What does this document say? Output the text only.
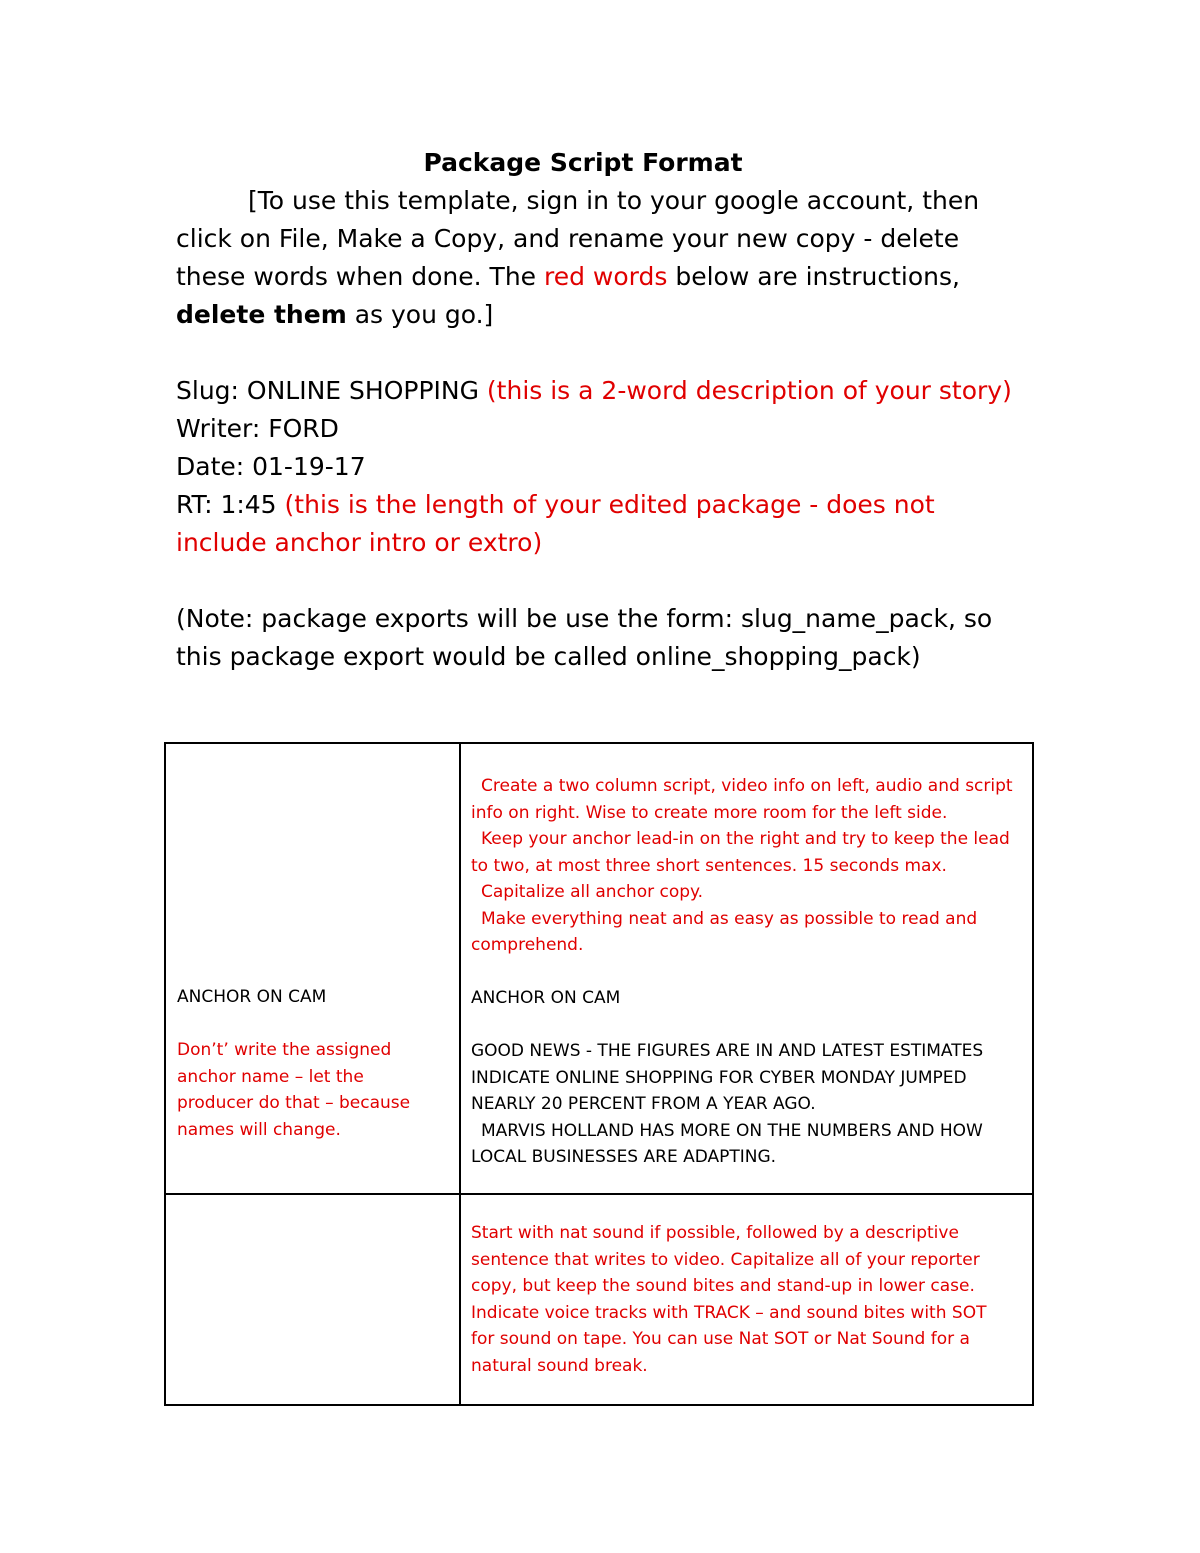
Package Script Format

[To use this template, sign in to your google account, then

click on File, Make a Copy, and rename your new copy - delete

these words when done. The red words below are instructions,

delete them as you go.]

Slug: ONLINE SHOPPING (this is a 2-word description of your story)

Writer: FORD

Date: 01-19-17

RT: 1:45 (this is the length of your edited package - does not

include anchor intro or extro)

(Note: package exports will be use the form: slug_name_pack, so

this package export would be called online_shopping_pack)

ANCHOR ON CAM

Don’t’ write the assigned

anchor name – let the

producer do that – because

names will change.

Create a two column script, video info on left, audio and script

info on right. Wise to create more room for the left side.

Keep your anchor lead-in on the right and try to keep the lead

to two, at most three short sentences. 15 seconds max.

Capitalize all anchor copy.

Make everything neat and as easy as possible to read and

comprehend.

ANCHOR ON CAM

GOOD NEWS - THE FIGURES ARE IN AND LATEST ESTIMATES

INDICATE ONLINE SHOPPING FOR CYBER MONDAY JUMPED

NEARLY 20 PERCENT FROM A YEAR AGO.

MARVIS HOLLAND HAS MORE ON THE NUMBERS AND HOW

LOCAL BUSINESSES ARE ADAPTING.

Start with nat sound if possible, followed by a descriptive

sentence that writes to video. Capitalize all of your reporter

copy, but keep the sound bites and stand-up in lower case.

Indicate voice tracks with TRACK – and sound bites with SOT

for sound on tape. You can use Nat SOT or Nat Sound for a

natural sound break.
